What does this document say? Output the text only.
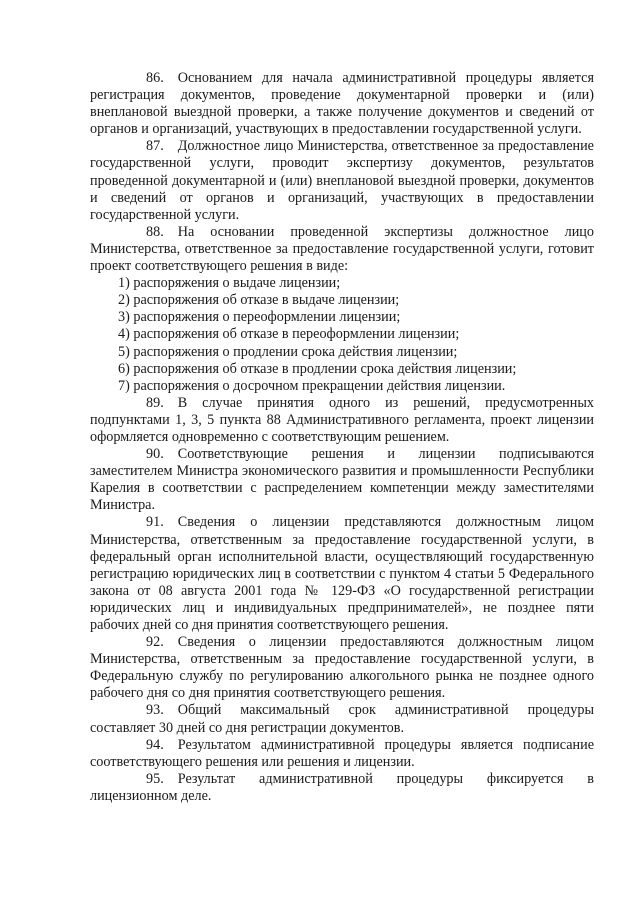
86. Основанием для начала административной процедуры является регистрация документов, проведение документарной проверки и (или) внеплановой выездной проверки, а также получение документов и сведений от органов и организаций, участвующих в предоставлении государственной услуги.

87. Должностное лицо Министерства, ответственное за предоставление государственной услуги, проводит экспертизу документов, результатов проведенной документарной и (или) внеплановой выездной проверки, документов и сведений от органов и организаций, участвующих в предоставлении государственной услуги.

88. На основании проведенной экспертизы должностное лицо Министерства, ответственное за предоставление государственной услуги, готовит проект соответствующего решения в виде:

1) распоряжения о выдаче лицензии;
2) распоряжения об отказе в выдаче лицензии;
3) распоряжения о переоформлении лицензии;
4) распоряжения об отказе в переоформлении лицензии;
5) распоряжения о продлении срока действия лицензии;
6) распоряжения об отказе в продлении срока действия лицензии;
7) распоряжения о досрочном прекращении действия лицензии.

89. В случае принятия одного из решений, предусмотренных подпунктами 1, 3, 5 пункта 88 Административного регламента, проект лицензии оформляется одновременно с соответствующим решением.

90. Соответствующие решения и лицензии подписываются заместителем Министра экономического развития и промышленности Республики Карелия в соответствии с распределением компетенции между заместителями Министра.

91. Сведения о лицензии представляются должностным лицом Министерства, ответственным за предоставление государственной услуги, в федеральный орган исполнительной власти, осуществляющий государственную регистрацию юридических лиц в соответствии с пунктом 4 статьи 5 Федерального закона от 08 августа 2001 года № 129-ФЗ «О государственной регистрации юридических лиц и индивидуальных предпринимателей», не позднее пяти рабочих дней со дня принятия соответствующего решения.

92. Сведения о лицензии предоставляются должностным лицом Министерства, ответственным за предоставление государственной услуги, в Федеральную службу по регулированию алкогольного рынка не позднее одного рабочего дня со дня принятия соответствующего решения.

93. Общий максимальный срок административной процедуры составляет 30 дней со дня регистрации документов.

94. Результатом административной процедуры является подписание соответствующего решения или решения и лицензии.

95. Результат административной процедуры фиксируется в лицензионном деле.
